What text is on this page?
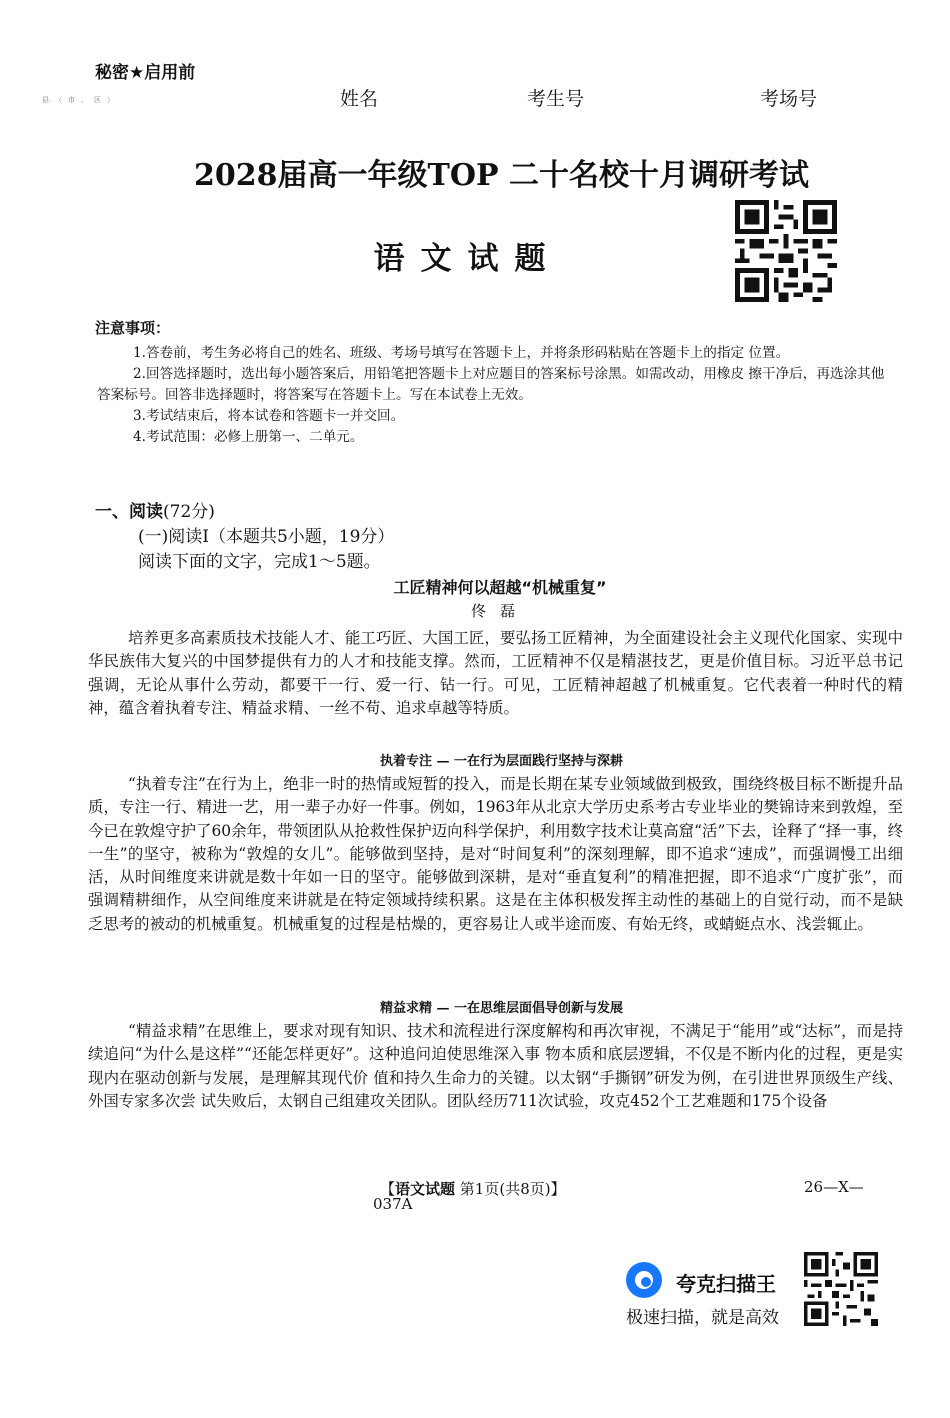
秘密★启用前
县（市、区）	姓名	考生号	考场号
2028届高一年级TOP 二十名校十月调研考试
语文试题
注意事项：

1.答卷前，考生务必将自己的姓名、班级、考场号填写在答题卡上，并将条形码粘贴在答题卡上的指定 位置。

2.回答选择题时，选出每小题答案后，用铅笔把答题卡上对应题目的答案标号涂黑。如需改动，用橡皮 擦干净后，再选涂其他答案标号。回答非选择题时，将答案写在答题卡上。写在本试卷上无效。

3.考试结束后，将本试卷和答题卡一并交回。

4.考试范围：必修上册第一、二单元。

一、阅读(72分)
(一)阅读Ⅰ（本题共5小题，19分）
阅读下面的文字，完成1～5题。
工匠精神何以超越“机械重复”
佟磊

培养更多高素质技术技能人才、能工巧匠、大国工匠，要弘扬工匠精神，为全面建设社会主义现代化国家、实现中华民族伟大复兴的中国梦提供有力的人才和技能支撑。然而，工匠精神不仅是精湛技艺，更是价值目标。习近平总书记强调，无论从事什么劳动，都要干一行、爱一行、钻一行。可见，工匠精神超越了机械重复。它代表着一种时代的精神，蕴含着执着专注、精益求精、一丝不苟、追求卓越等特质。

执着专注 — 一在行为层面践行坚持与深耕

“执着专注”在行为上，绝非一时的热情或短暂的投入，而是长期在某专业领域做到极致，围绕终极目标不断提升品质，专注一行、精进一艺，用一辈子办好一件事。例如，1963年从北京大学历史系考古专业毕业的樊锦诗来到敦煌，至今已在敦煌守护了60余年，带领团队从抢救性保护迈向科学保护，利用数字技术让莫高窟“活”下去，诠释了“择一事，终一生”的坚守，被称为“敦煌的女儿”。能够做到坚持，是对“时间复利”的深刻理解，即不追求“速成”，而强调慢工出细活，从时间维度来讲就是数十年如一日的坚守。能够做到深耕，是对“垂直复利”的精准把握，即不追求“广度扩张”，而强调精耕细作，从空间维度来讲就是在特定领域持续积累。这是在主体积极发挥主动性的基础上的自觉行动，而不是缺乏思考的被动的机械重复。机械重复的过程是枯燥的，更容易让人或半途而废、有始无终，或蜻蜓点水、浅尝辄止。

精益求精 — 一在思维层面倡导创新与发展

“精益求精”在思维上，要求对现有知识、技术和流程进行深度解构和再次审视，不满足于“能用”或“达标”，而是持续追问“为什么是这样”“还能怎样更好”。这种追问迫使思维深入事 物本质和底层逻辑，不仅是不断内化的过程，更是实现内在驱动创新与发展，是理解其现代价 值和持久生命力的关键。以太钢“手撕钢”研发为例，在引进世界顶级生产线、外国专家多次尝 试失败后，太钢自己组建攻关团队。团队经历711次试验，攻克452个工艺难题和175个设备

【语文试题 第1页(共8页)】	26—X—
037A
夸克扫描王
极速扫描，就是高效
